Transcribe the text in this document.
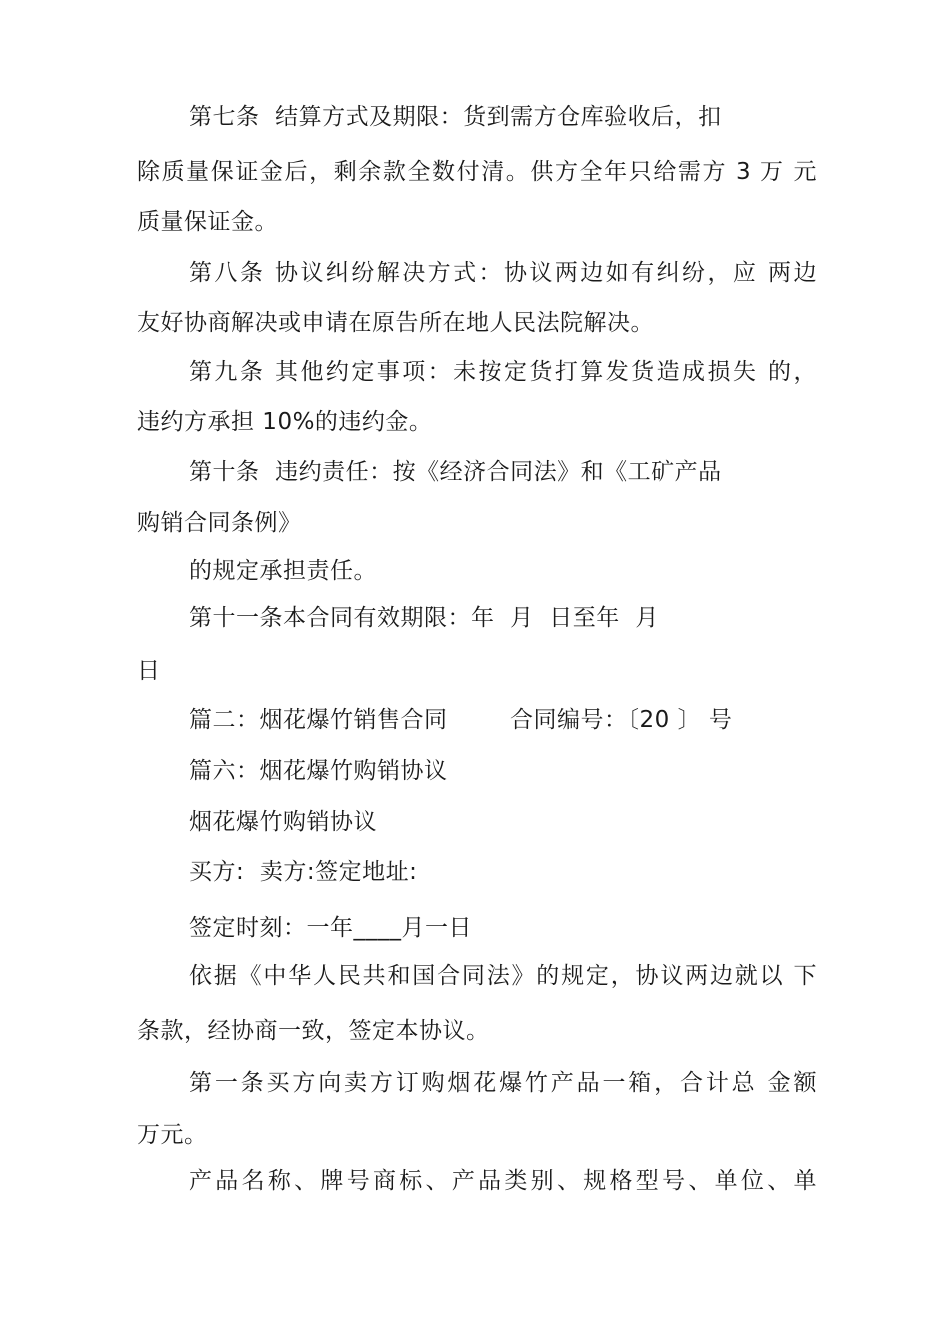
第七条  结算方式及期限：货到需方仓库验收后，扣
除质量保证金后，剩余款全数付清。供方全年只给需方 3 万 元
质量保证金。
第八条 协议纠纷解决方式：协议两边如有纠纷，应 两边
友好协商解决或申请在原告所在地人民法院解决。
第九条 其他约定事项：未按定货打算发货造成损失 的，
违约方承担 10%的违约金。
第十条  违约责任：按《经济合同法》和《工矿产品
购销合同条例》
的规定承担责任。
第十一条本合同有效期限：年  月  日至年  月
日
篇二：烟花爆竹销售合同        合同编号：〔20 〕 号
篇六：烟花爆竹购销协议
烟花爆竹购销协议
买方:  卖方:签定地址:
签定时刻：一年____月一日
依据《中华人民共和国合同法》的规定，协议两边就以 下
条款，经协商一致，签定本协议。
第一条买方向卖方订购烟花爆竹产品一箱，合计总 金额
万元。
产品名称、牌号商标、产品类别、规格型号、单位、单
